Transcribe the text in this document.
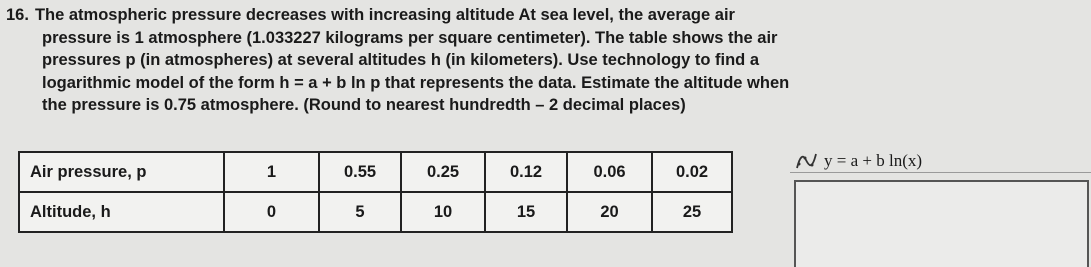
16. The atmospheric pressure decreases with increasing altitude At sea level, the average air
pressure is 1 atmosphere (1.033227 kilograms per square centimeter). The table shows the air
pressures p (in atmospheres) at several altitudes h (in kilometers). Use technology to find a
logarithmic model of the form h = a + b ln p that represents the data. Estimate the altitude when
the pressure is 0.75 atmosphere. (Round to nearest hundredth – 2 decimal places)
Air pressure, p	1	0.55	0.25	0.12	0.06	0.02
Altitude, h	0	5	10	15	20	25
y = a + b ln(x)
